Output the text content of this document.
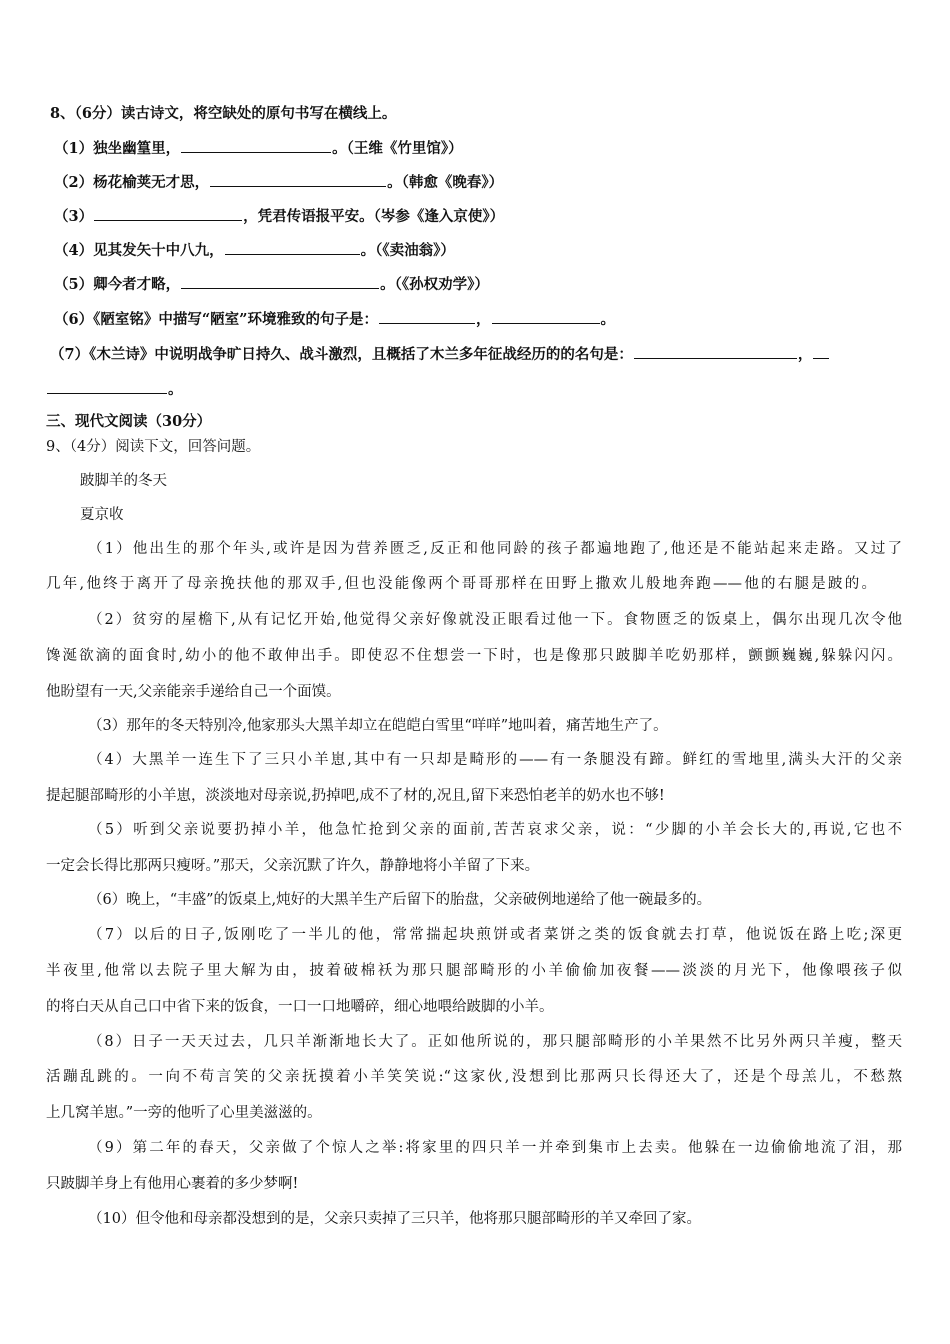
8、（6分）读古诗文，将空缺处的原句书写在横线上。
（1）独坐幽篁里，	。（王维《竹里馆》）
（2）杨花榆荚无才思，	。（韩愈《晚春》）
（3）	，凭君传语报平安。（岑参《逢入京使》）
（4）见其发矢十中八九，	。（《卖油翁》）
（5）卿今者才略，	。（《孙权劝学》）
（6）《陋室铭》中描写“陋室”环境雅致的句子是：	，	。
（7）《木兰诗》中说明战争旷日持久、战斗激烈，且概括了木兰多年征战经历的的名句是：	，
。
三、现代文阅读（30分）
9、（4分）阅读下文，回答问题。
跛脚羊的冬天
夏京收
（1）他出生的那个年头,或许是因为营养匮乏,反正和他同龄的孩子都遍地跑了,他还是不能站起来走路。又过了
几年,他终于离开了母亲挽扶他的那双手,但也没能像两个哥哥那样在田野上撒欢儿般地奔跑——他的右腿是跛的。
（2）贫穷的屋檐下,从有记忆开始,他觉得父亲好像就没正眼看过他一下。食物匮乏的饭桌上，偶尔出现几次令他
馋涎欲滴的面食时,幼小的他不敢伸出手。即使忍不住想尝一下时，也是像那只跛脚羊吃奶那样，颤颤巍巍,躲躲闪闪。
他盼望有一天,父亲能亲手递给自己一个面馍。
（3）那年的冬天特别冷,他家那头大黑羊却立在皑皑白雪里“咩咩”地叫着，痛苦地生产了。
（4）大黑羊一连生下了三只小羊崽,其中有一只却是畸形的——有一条腿没有蹄。鲜红的雪地里,满头大汗的父亲
提起腿部畸形的小羊崽，淡淡地对母亲说,扔掉吧,成不了材的,况且,留下来恐怕老羊的奶水也不够!
（5）听到父亲说要扔掉小羊，他急忙抢到父亲的面前,苦苦哀求父亲，说：“少脚的小羊会长大的,再说,它也不
一定会长得比那两只瘦呀。”那天，父亲沉默了许久，静静地将小羊留了下来。
（6）晚上，“丰盛”的饭桌上,炖好的大黑羊生产后留下的胎盘，父亲破例地递给了他一碗最多的。
（7）以后的日子,饭刚吃了一半儿的他，常常揣起块煎饼或者菜饼之类的饭食就去打草，他说饭在路上吃;深更
半夜里,他常以去院子里大解为由，披着破棉袄为那只腿部畸形的小羊偷偷加夜餐——淡淡的月光下，他像喂孩子似
的将白天从自己口中省下来的饭食，一口一口地嚼碎，细心地喂给跛脚的小羊。
（8）日子一天天过去，几只羊渐渐地长大了。正如他所说的，那只腿部畸形的小羊果然不比另外两只羊瘦，整天
活蹦乱跳的。一向不苟言笑的父亲抚摸着小羊笑笑说:“这家伙,没想到比那两只长得还大了，还是个母羔儿，不愁熬
上几窝羊崽。”一旁的他听了心里美滋滋的。
（9）第二年的春天，父亲做了个惊人之举:将家里的四只羊一并牵到集市上去卖。他躲在一边偷偷地流了泪，那
只跛脚羊身上有他用心裹着的多少梦啊!
（10）但令他和母亲都没想到的是，父亲只卖掉了三只羊，他将那只腿部畸形的羊又牵回了家。
